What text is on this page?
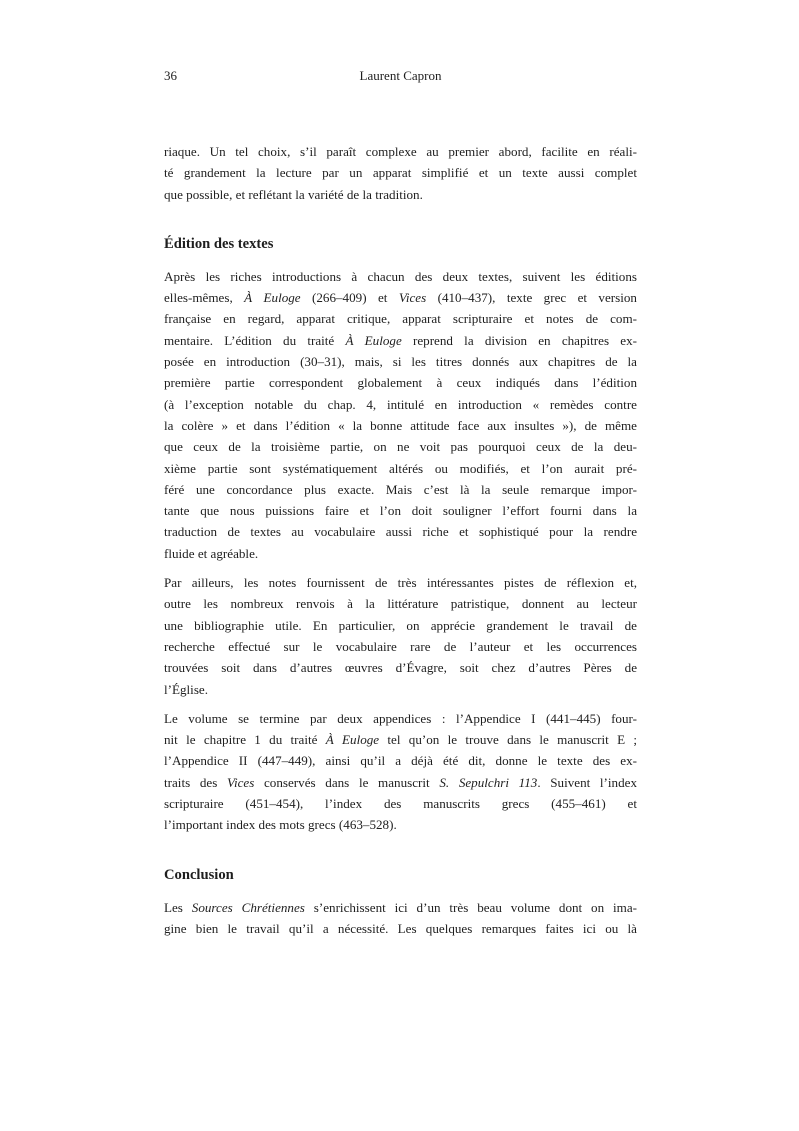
36	Laurent Capron

riaque. Un tel choix, s’il paraît complexe au premier abord, facilite en réali-
té grandement la lecture par un apparat simplifié et un texte aussi complet
que possible, et reflétant la variété de la tradition.

Édition des textes

Après les riches introductions à chacun des deux textes, suivent les éditions
elles-mêmes, À Euloge (266–409) et Vices (410–437), texte grec et version
française en regard, apparat critique, apparat scripturaire et notes de com-
mentaire. L’édition du traité À Euloge reprend la division en chapitres ex-
posée en introduction (30–31), mais, si les titres donnés aux chapitres de la
première partie correspondent globalement à ceux indiqués dans l’édition
(à l’exception notable du chap. 4, intitulé en introduction « remèdes contre
la colère » et dans l’édition « la bonne attitude face aux insultes »), de même
que ceux de la troisième partie, on ne voit pas pourquoi ceux de la deu-
xième partie sont systématiquement altérés ou modifiés, et l’on aurait pré-
féré une concordance plus exacte. Mais c’est là la seule remarque impor-
tante que nous puissions faire et l’on doit souligner l’effort fourni dans la
traduction de textes au vocabulaire aussi riche et sophistiqué pour la rendre
fluide et agréable.

Par ailleurs, les notes fournissent de très intéressantes pistes de réflexion et,
outre les nombreux renvois à la littérature patristique, donnent au lecteur
une bibliographie utile. En particulier, on apprécie grandement le travail de
recherche effectué sur le vocabulaire rare de l’auteur et les occurrences
trouvées soit dans d’autres œuvres d’Évagre, soit chez d’autres Pères de
l’Église.

Le volume se termine par deux appendices : l’Appendice I (441–445) four-
nit le chapitre 1 du traité À Euloge tel qu’on le trouve dans le manuscrit E ;
l’Appendice II (447–449), ainsi qu’il a déjà été dit, donne le texte des ex-
traits des Vices conservés dans le manuscrit S. Sepulchri 113. Suivent l’index
scripturaire (451–454), l’index des manuscrits grecs (455–461) et
l’important index des mots grecs (463–528).

Conclusion

Les Sources Chrétiennes s’enrichissent ici d’un très beau volume dont on ima-
gine bien le travail qu’il a nécessité. Les quelques remarques faites ici ou là
